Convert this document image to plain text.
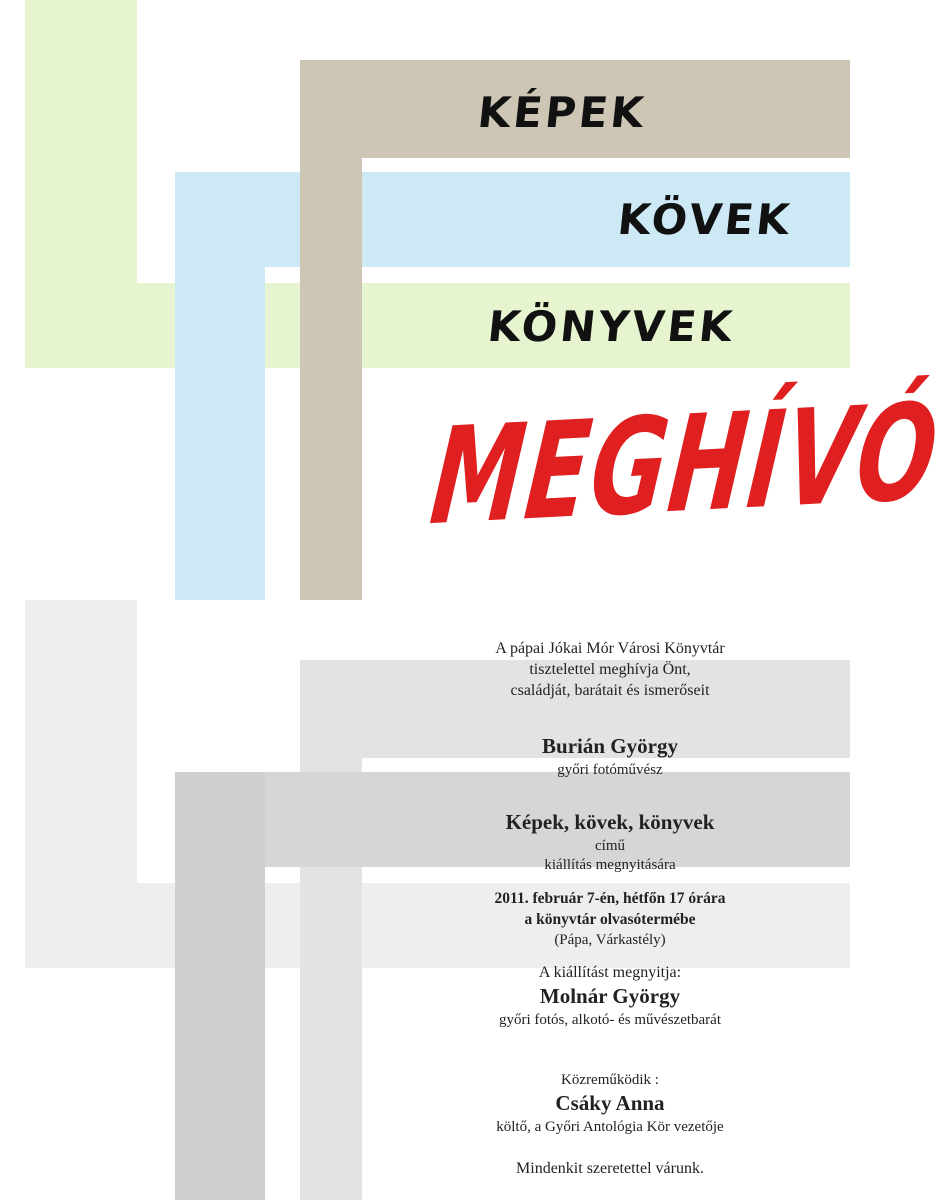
KÉPEK
KÖVEK
KÖNYVEK
MEGHÍVÓ
A pápai Jókai Mór Városi Könyvtár
tisztelettel meghívja Önt,
családját, barátait és ismerőseit
Burián György
győri fotóművész
Képek, kövek, könyvek
című
kiállítás megnyitására
2011. február 7-én, hétfőn 17 órára
a könyvtár olvasótermébe
(Pápa, Várkastély)
A kiállítást megnyitja:
Molnár György
győri fotós, alkotó- és művészetbarát
Közreműködik :
Csáky Anna
költő, a Győri Antológia Kör vezetője
Mindenkit szeretettel várunk.
